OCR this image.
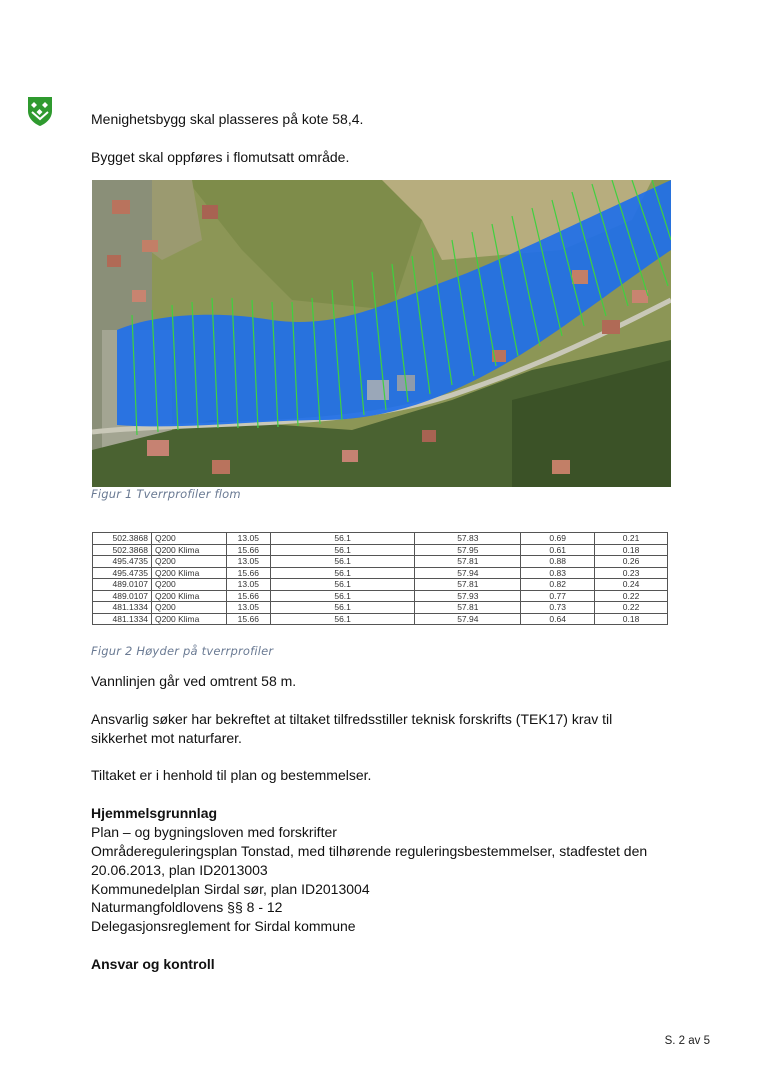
Menighetsbygg skal plasseres på kote 58,4.

Bygget skal oppføres i flomutsatt område.

Figur 1 Tverrprofiler flom
502.3868	Q200	13.05	56.1	57.83	0.69	0.21
502.3868	Q200 Klima	15.66	56.1	57.95	0.61	0.18
495.4735	Q200	13.05	56.1	57.81	0.88	0.26
495.4735	Q200 Klima	15.66	56.1	57.94	0.83	0.23
489.0107	Q200	13.05	56.1	57.81	0.82	0.24
489.0107	Q200 Klima	15.66	56.1	57.93	0.77	0.22
481.1334	Q200	13.05	56.1	57.81	0.73	0.22
481.1334	Q200 Klima	15.66	56.1	57.94	0.64	0.18
Figur 2 Høyder på tverrprofiler

Vannlinjen går ved omtrent 58 m.

Ansvarlig søker har bekreftet at tiltaket tilfredsstiller teknisk forskrifts (TEK17) krav til

sikkerhet mot naturfarer.

Tiltaket er i henhold til plan og bestemmelser.

Hjemmelsgrunnlag

Plan – og bygningsloven med forskrifter

Områdereguleringsplan Tonstad, med tilhørende reguleringsbestemmelser, stadfestet den

20.06.2013, plan ID2013003

Kommunedelplan Sirdal sør, plan ID2013004

Naturmangfoldlovens §§ 8 - 12

Delegasjonsreglement for Sirdal kommune

Ansvar og kontroll

S. 2 av 5
